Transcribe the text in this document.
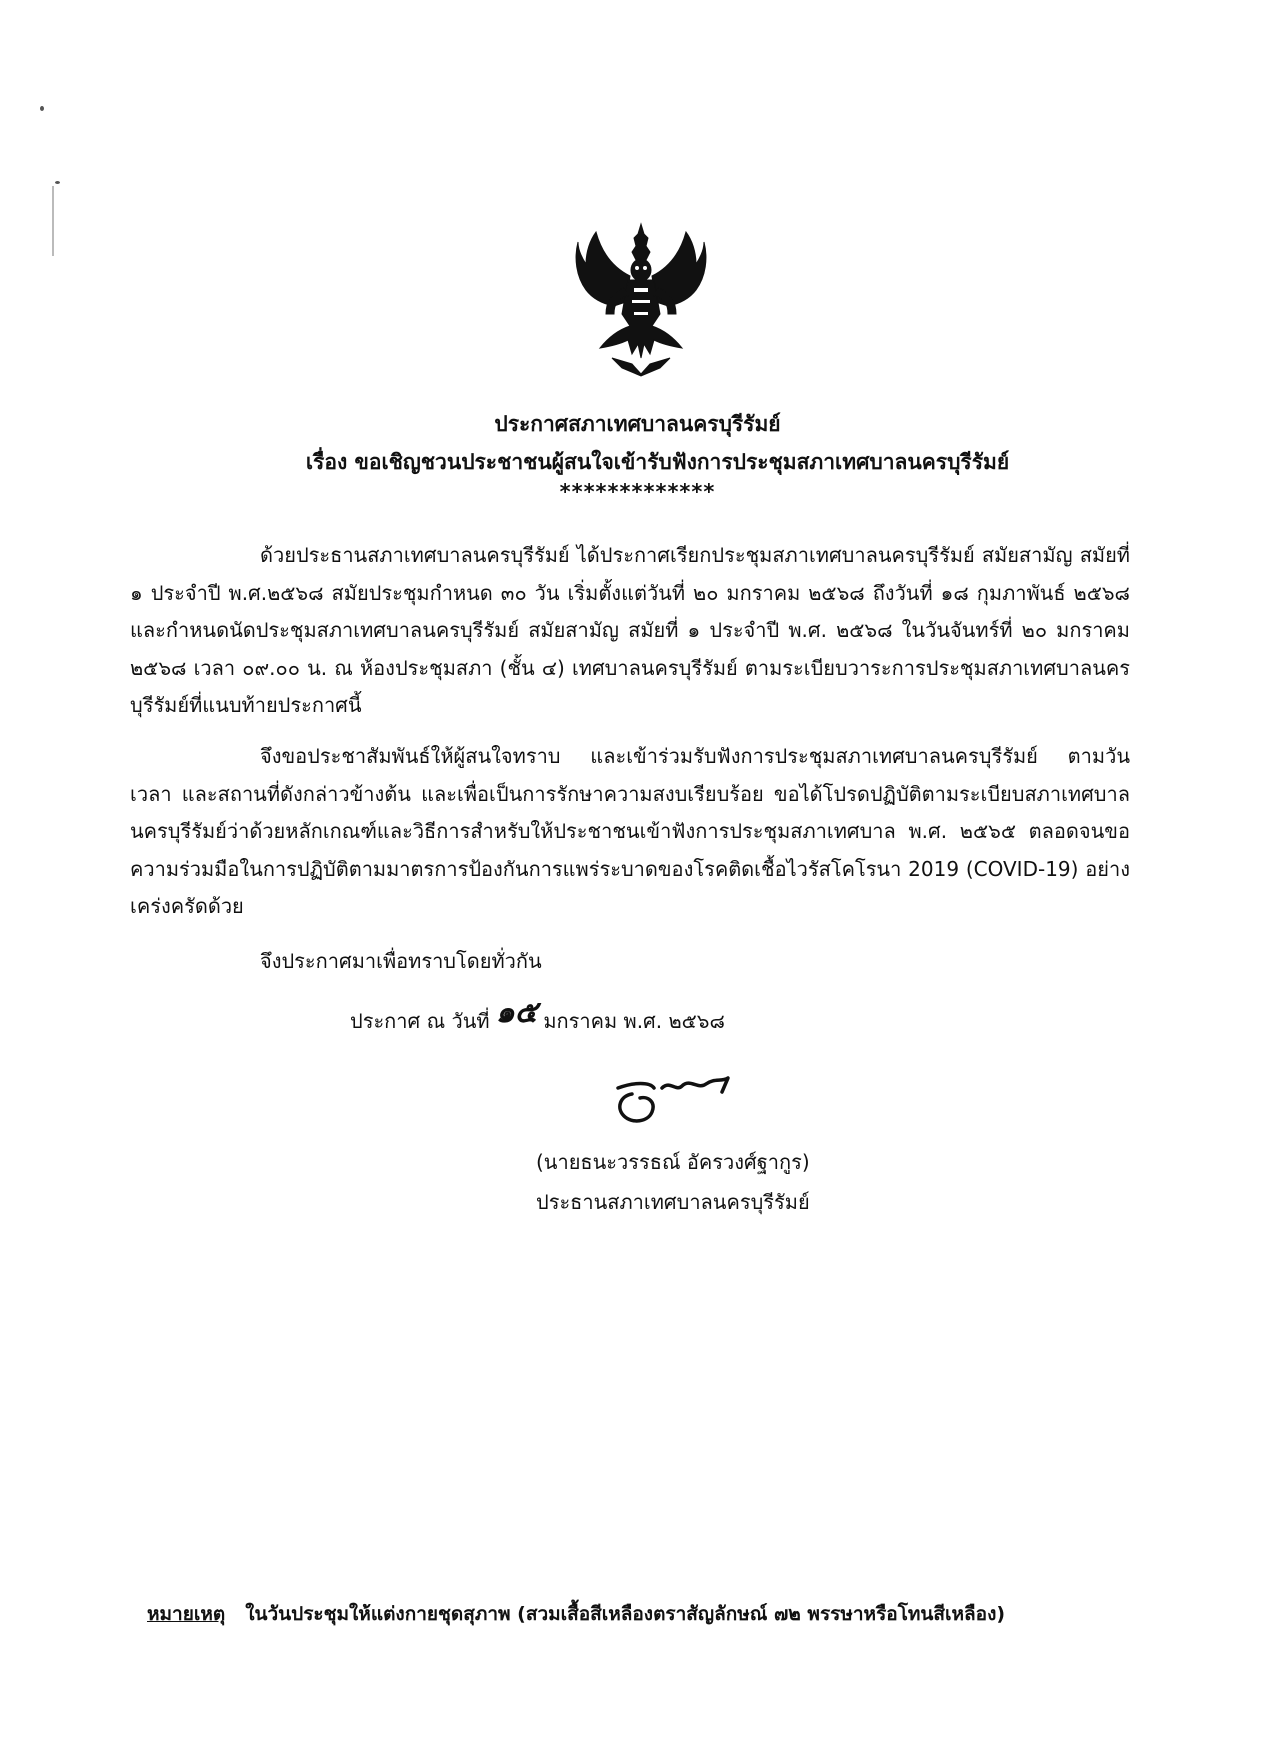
ประกาศสภาเทศบาลนครบุรีรัมย์
เรื่อง ขอเชิญชวนประชาชนผู้สนใจเข้ารับฟังการประชุมสภาเทศบาลนครบุรีรัมย์
*************

ด้วยประธานสภาเทศบาลนครบุรีรัมย์ ได้ประกาศเรียกประชุมสภาเทศบาลนครบุรีรัมย์ สมัยสามัญ สมัยที่ ๑ ประจำปี พ.ศ.๒๕๖๘ สมัยประชุมกำหนด ๓๐ วัน เริ่มตั้งแต่วันที่ ๒๐ มกราคม ๒๕๖๘ ถึงวันที่ ๑๘ กุมภาพันธ์ ๒๕๖๘ และกำหนดนัดประชุมสภาเทศบาลนครบุรีรัมย์ สมัยสามัญ สมัยที่ ๑ ประจำปี พ.ศ. ๒๕๖๘ ในวันจันทร์ที่ ๒๐ มกราคม ๒๕๖๘ เวลา ๐๙.๐๐ น. ณ ห้องประชุมสภา (ชั้น ๔) เทศบาลนครบุรีรัมย์ ตามระเบียบวาระการประชุมสภาเทศบาลนครบุรีรัมย์ที่แนบท้ายประกาศนี้

จึงขอประชาสัมพันธ์ให้ผู้สนใจทราบ และเข้าร่วมรับฟังการประชุมสภาเทศบาลนครบุรีรัมย์ ตามวัน เวลา และสถานที่ดังกล่าวข้างต้น และเพื่อเป็นการรักษาความสงบเรียบร้อย ขอได้โปรดปฏิบัติตามระเบียบสภาเทศบาลนครบุรีรัมย์ว่าด้วยหลักเกณฑ์และวิธีการสำหรับให้ประชาชนเข้าฟังการประชุมสภาเทศบาล พ.ศ. ๒๕๖๕ ตลอดจนขอความร่วมมือในการปฏิบัติตามมาตรการป้องกันการแพร่ระบาดของโรคติดเชื้อไวรัสโคโรนา 2019 (COVID-19) อย่างเคร่งครัดด้วย

จึงประกาศมาเพื่อทราบโดยทั่วกัน
ประกาศ ณ วันที่ ๑๕ มกราคม พ.ศ. ๒๕๖๘
(นายธนะวรรธณ์ อัครวงศ์ฐากูร)
ประธานสภาเทศบาลนครบุรีรัมย์
หมายเหตุ ในวันประชุมให้แต่งกายชุดสุภาพ (สวมเสื้อสีเหลืองตราสัญลักษณ์ ๗๒ พรรษาหรือโทนสีเหลือง)
